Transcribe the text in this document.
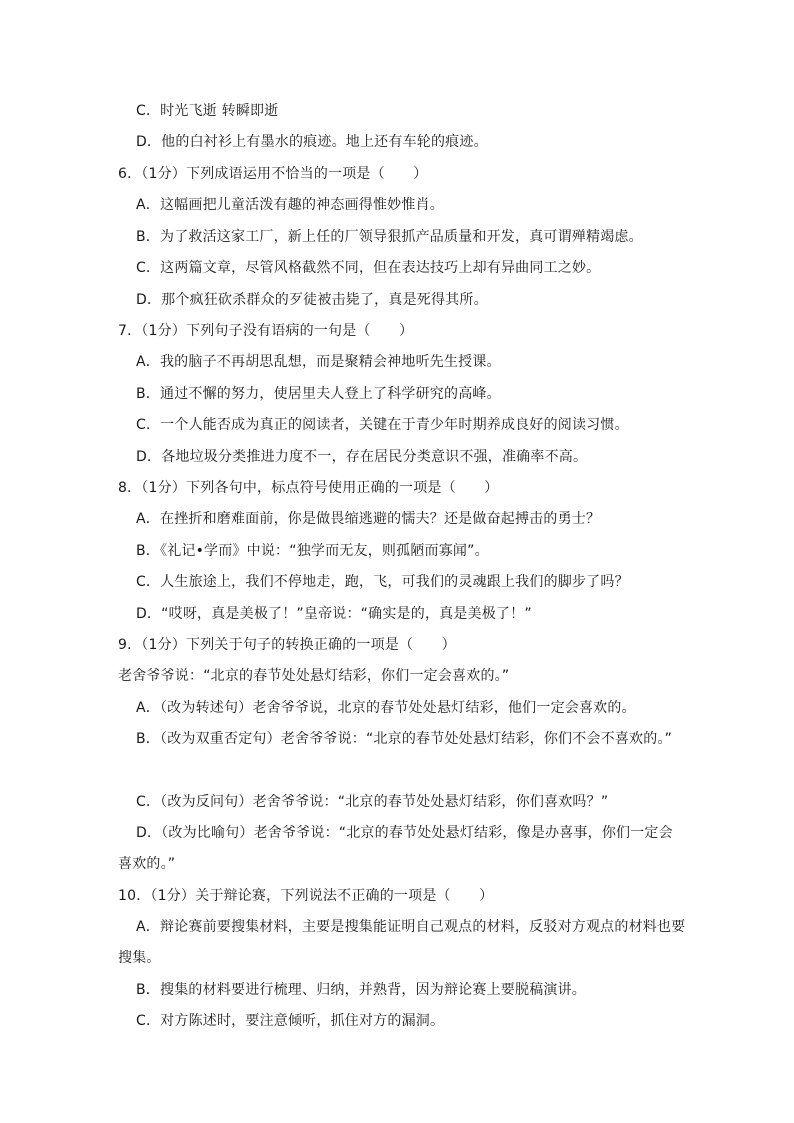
C．时光飞逝 转瞬即逝
D．他的白衬衫上有墨水的痕迹。地上还有车轮的痕迹。
6．（1分）下列成语运用不恰当的一项是（　　）
A．这幅画把儿童活泼有趣的神态画得惟妙惟肖。
B．为了救活这家工厂，新上任的厂领导狠抓产品质量和开发，真可谓殚精竭虑。
C．这两篇文章，尽管风格截然不同，但在表达技巧上却有异曲同工之妙。
D．那个疯狂砍杀群众的歹徒被击毙了，真是死得其所。
7．（1分）下列句子没有语病的一句是（　　）
A．我的脑子不再胡思乱想，而是聚精会神地听先生授课。
B．通过不懈的努力，使居里夫人登上了科学研究的高峰。
C．一个人能否成为真正的阅读者，关键在于青少年时期养成良好的阅读习惯。
D．各地垃圾分类推进力度不一，存在居民分类意识不强，准确率不高。
8．（1分）下列各句中，标点符号使用正确的一项是（　　）
A．在挫折和磨难面前，你是做畏缩逃避的懦夫？还是做奋起搏击的勇士？
B．《礼记•学而》中说：“独学而无友，则孤陋而寡闻”。
C．人生旅途上，我们不停地走，跑，飞，可我们的灵魂跟上我们的脚步了吗？
D．“哎呀，真是美极了！”皇帝说：“确实是的，真是美极了！”
9．（1分）下列关于句子的转换正确的一项是（　　）
老舍爷爷说：“北京的春节处处悬灯结彩，你们一定会喜欢的。”
A．（改为转述句）老舍爷爷说，北京的春节处处悬灯结彩，他们一定会喜欢的。
B．（改为双重否定句）老舍爷爷说：“北京的春节处处悬灯结彩，你们不会不喜欢的。”
C．（改为反问句）老舍爷爷说：“北京的春节处处悬灯结彩，你们喜欢吗？”
D．（改为比喻句）老舍爷爷说：“北京的春节处处悬灯结彩，像是办喜事，你们一定会
喜欢的。”
10．（1分）关于辩论赛，下列说法不正确的一项是（　　）
A．辩论赛前要搜集材料，主要是搜集能证明自己观点的材料，反驳对方观点的材料也要
搜集。
B．搜集的材料要进行梳理、归纳，并熟背，因为辩论赛上要脱稿演讲。
C．对方陈述时，要注意倾听，抓住对方的漏洞。
